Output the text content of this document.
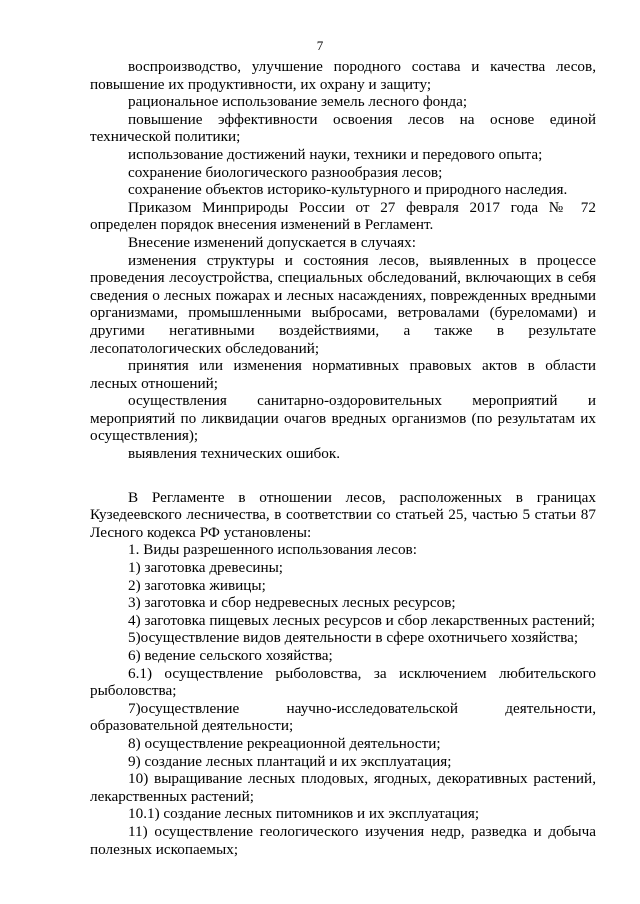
7

воспроизводство, улучшение породного состава и качества лесов, повышение их продуктивности, их охрану и защиту;

рациональное использование земель лесного фонда;

повышение эффективности освоения лесов на основе единой технической политики;

использование достижений науки, техники и передового опыта;

сохранение биологического разнообразия лесов;

сохранение объектов историко-культурного и природного наследия.

Приказом Минприроды России от 27 февраля 2017 года № 72 определен порядок внесения изменений в Регламент.

Внесение изменений допускается в случаях:

изменения структуры и состояния лесов, выявленных в процессе проведения лесоустройства, специальных обследований, включающих в себя сведения о лесных пожарах и лесных насаждениях, поврежденных вредными организмами, промышленными выбросами, ветровалами (буреломами) и другими негативными воздействиями, а также в результате лесопатологических обследований;

принятия или изменения нормативных правовых актов в области лесных отношений;

осуществления санитарно-оздоровительных мероприятий и мероприятий по ликвидации очагов вредных организмов (по результатам их осуществления);

выявления технических ошибок.

В Регламенте в отношении лесов, расположенных в границах Кузедеевского лесничества, в соответствии со статьей 25, частью 5 статьи 87 Лесного кодекса РФ установлены:

1. Виды разрешенного использования лесов:

1) заготовка древесины;

2) заготовка живицы;

3) заготовка и сбор недревесных лесных ресурсов;

4) заготовка пищевых лесных ресурсов и сбор лекарственных растений;

5)осуществление видов деятельности в сфере охотничьего хозяйства;

6) ведение сельского хозяйства;

6.1) осуществление рыболовства, за исключением любительского рыболовства;

7)осуществление научно-исследовательской деятельности, образовательной деятельности;

8) осуществление рекреационной деятельности;

9) создание лесных плантаций и их эксплуатация;

10) выращивание лесных плодовых, ягодных, декоративных растений, лекарственных растений;

10.1) создание лесных питомников и их эксплуатация;

11) осуществление геологического изучения недр, разведка и добыча полезных ископаемых;
